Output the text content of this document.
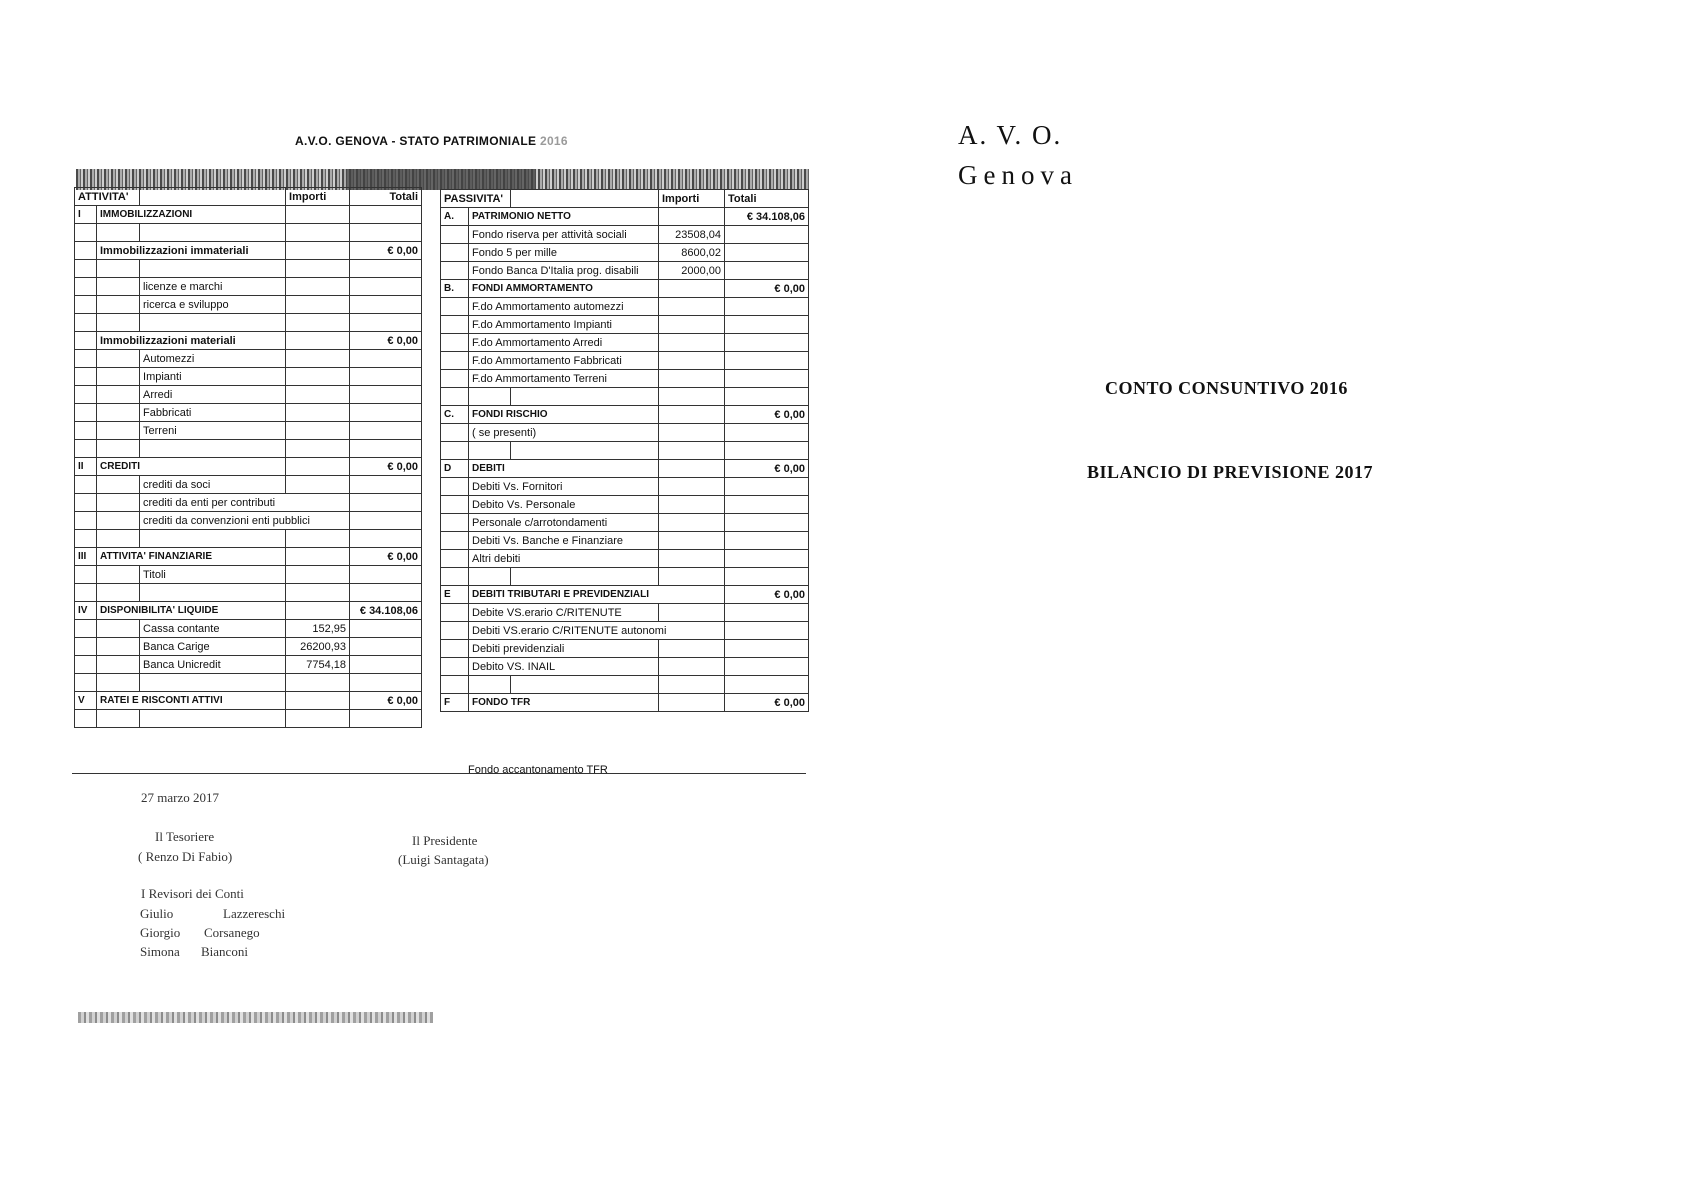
A.V.O. GENOVA - STATO PATRIMONIALE 2016
ATTIVITA'			Importi	Totali
I	IMMOBILIZZAZIONI			

	Immobilizzazioni immateriali			€ 0,00

		licenze e marchi		
		ricerca e sviluppo		

	Immobilizzazioni materiali			€ 0,00
		Automezzi		
		Impianti		
		Arredi		
		Fabbricati		
		Terreni		

II	CREDITI			€ 0,00
		crediti da soci		
		crediti da enti per contributi		
		crediti da convenzioni enti pubblici		

III	ATTIVITA' FINANZIARIE			€ 0,00
		Titoli		

IV	DISPONIBILITA' LIQUIDE			€ 34.108,06
		Cassa contante	152,95	
		Banca Carige	26200,93	
		Banca Unicredit	7754,18	

V	RATEI E RISCONTI ATTIVI			€ 0,00

PASSIVITA'			Importi	Totali
A.	PATRIMONIO NETTO			€ 34.108,06
	Fondo riserva per attività sociali		23508,04	
	Fondo 5 per mille		8600,02	
	Fondo Banca D'Italia prog. disabili		2000,00	
B.	FONDI AMMORTAMENTO			€ 0,00
	F.do Ammortamento automezzi			
	F.do Ammortamento Impianti			
	F.do Ammortamento Arredi			
	F.do Ammortamento Fabbricati			
	F.do Ammortamento Terreni			

C.	FONDI RISCHIO			€ 0,00
	( se presenti)			

D	DEBITI			€ 0,00
	Debiti Vs. Fornitori			
	Debito Vs. Personale			
	Personale c/arrotondamenti			
	Debiti Vs. Banche e Finanziare			
	Altri debiti			

E	DEBITI TRIBUTARI E PREVIDENZIALI			€ 0,00
	Debite VS.erario C/RITENUTE			
	Debiti VS.erario C/RITENUTE autonomi			
	Debiti previdenziali			
	Debito VS. INAIL			

F	FONDO TFR			€ 0,00
Fondo accantonamento TFR
27 marzo 2017
Il Tesoriere
( Renzo Di Fabio)
Il Presidente
(Luigi Santagata)
I Revisori dei Conti
Giulio	Lazzereschi
Giorgio Corsanego
Simona Bianconi
A. V. O.
Genova
CONTO CONSUNTIVO 2016
BILANCIO DI PREVISIONE 2017
